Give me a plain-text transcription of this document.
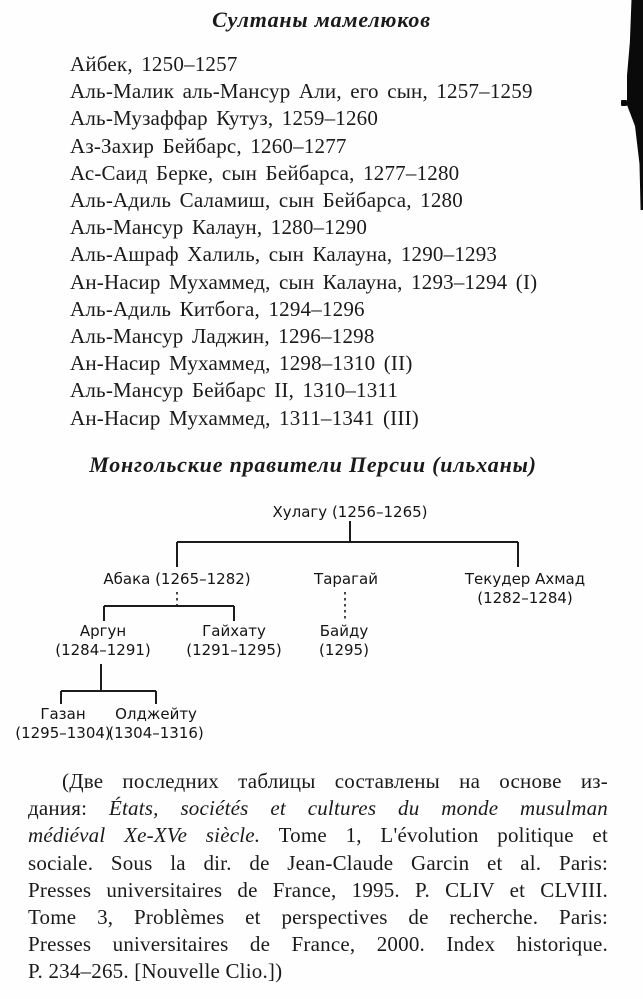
Султаны мамелюков
Айбек, 1250–1257
Аль-Малик аль-Мансур Али, его сын, 1257–1259
Аль-Музаффар Кутуз, 1259–1260
Аз-Захир Бейбарс, 1260–1277
Ас-Саид Берке, сын Бейбарса, 1277–1280
Аль-Адиль Саламиш, сын Бейбарса, 1280
Аль-Мансур Калаун, 1280–1290
Аль-Ашраф Халиль, сын Калауна, 1290–1293
Ан-Насир Мухаммед, сын Калауна, 1293–1294 (I)
Аль-Адиль Китбога, 1294–1296
Аль-Мансур Ладжин, 1296–1298
Ан-Насир Мухаммед, 1298–1310 (II)
Аль-Мансур Бейбарс II, 1310–1311
Ан-Насир Мухаммед, 1311–1341 (III)
Монгольские правители Персии (ильханы)
Хулагу (1256–1265)
Абака (1265–1282)	Тарагай	Текудер Ахмад
(1282–1284)
Аргун
(1284–1291)
Гайхату
(1291–1295)
Байду
(1295)
Газан
(1295–1304)
Олджейту
(1304–1316)

(Две последних таблицы составлены на основе из-

дания: États, sociétés et cultures du monde musulman

médiéval Xe-XVe siècle. Tome 1, L'évolution politique et

sociale. Sous la dir. de Jean-Claude Garcin et al. Paris:

Presses universitaires de France, 1995. P. CLIV et CLVIII.

Tome 3, Problèmes et perspectives de recherche. Paris:

Presses universitaires de France, 2000. Index historique.

P. 234–265. [Nouvelle Clio.])
